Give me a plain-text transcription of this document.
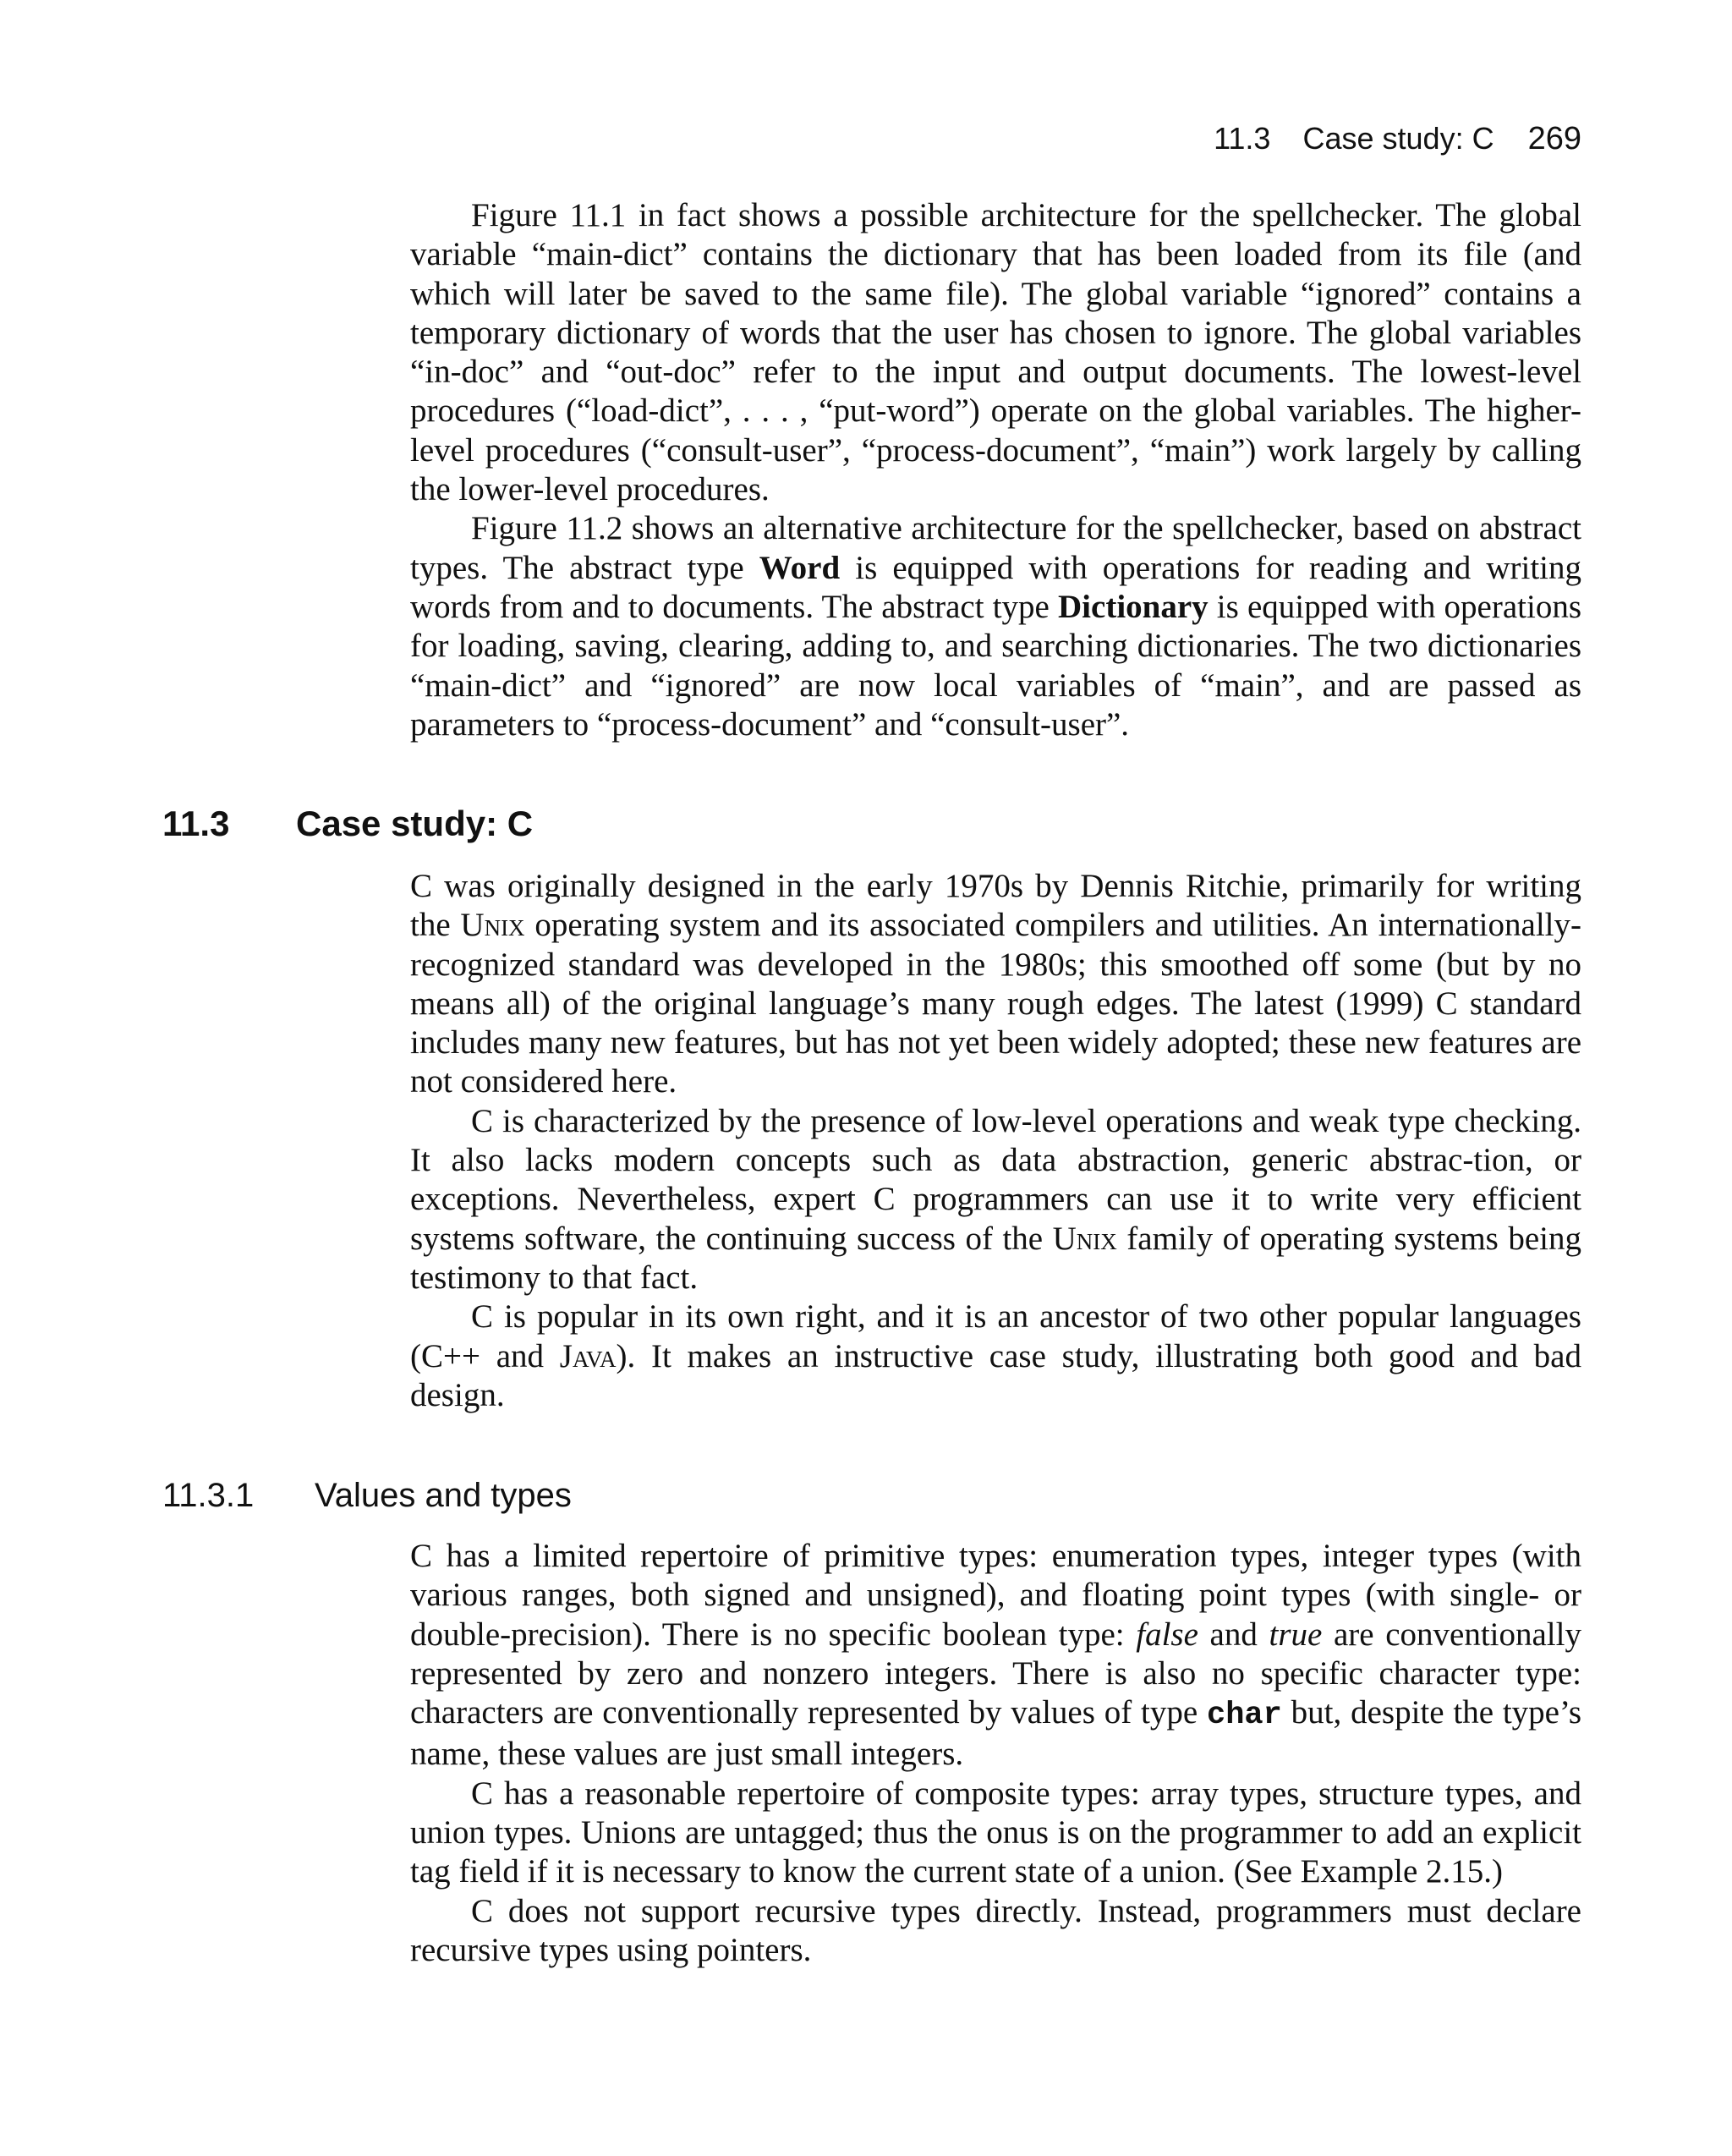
11.3 Case study: C 269

Figure 11.1 in fact shows a possible architecture for the spellchecker. The global variable “main-dict” contains the dictionary that has been loaded from its file (and which will later be saved to the same file). The global variable “ignored” contains a temporary dictionary of words that the user has chosen to ignore. The global variables “in-doc” and “out-doc” refer to the input and output documents. The lowest-level procedures (“load-dict”, . . . , “put-word”) operate on the global variables. The higher-level procedures (“consult-user”, “process-document”, “main”) work largely by calling the lower-level procedures.

Figure 11.2 shows an alternative architecture for the spellchecker, based on abstract types. The abstract type Word is equipped with operations for reading and writing words from and to documents. The abstract type Dictionary is equipped with operations for loading, saving, clearing, adding to, and searching dictionaries. The two dictionaries “main-dict” and “ignored” are now local variables of “main”, and are passed as parameters to “process-document” and “consult-user”.

11.3 Case study: C

C was originally designed in the early 1970s by Dennis Ritchie, primarily for writing the Unix operating system and its associated compilers and utilities. An internationally-recognized standard was developed in the 1980s; this smoothed off some (but by no means all) of the original language’s many rough edges. The latest (1999) C standard includes many new features, but has not yet been widely adopted; these new features are not considered here.

C is characterized by the presence of low-level operations and weak type checking. It also lacks modern concepts such as data abstraction, generic abstrac-tion, or exceptions. Nevertheless, expert C programmers can use it to write very efficient systems software, the continuing success of the Unix family of operating systems being testimony to that fact.

C is popular in its own right, and it is an ancestor of two other popular languages (C++ and Java). It makes an instructive case study, illustrating both good and bad design.

11.3.1 Values and types

C has a limited repertoire of primitive types: enumeration types, integer types (with various ranges, both signed and unsigned), and floating point types (with single- or double-precision). There is no specific boolean type: false and true are conventionally represented by zero and nonzero integers. There is also no specific character type: characters are conventionally represented by values of type char but, despite the type’s name, these values are just small integers.

C has a reasonable repertoire of composite types: array types, structure types, and union types. Unions are untagged; thus the onus is on the programmer to add an explicit tag field if it is necessary to know the current state of a union. (See Example 2.15.)

C does not support recursive types directly. Instead, programmers must declare recursive types using pointers.
